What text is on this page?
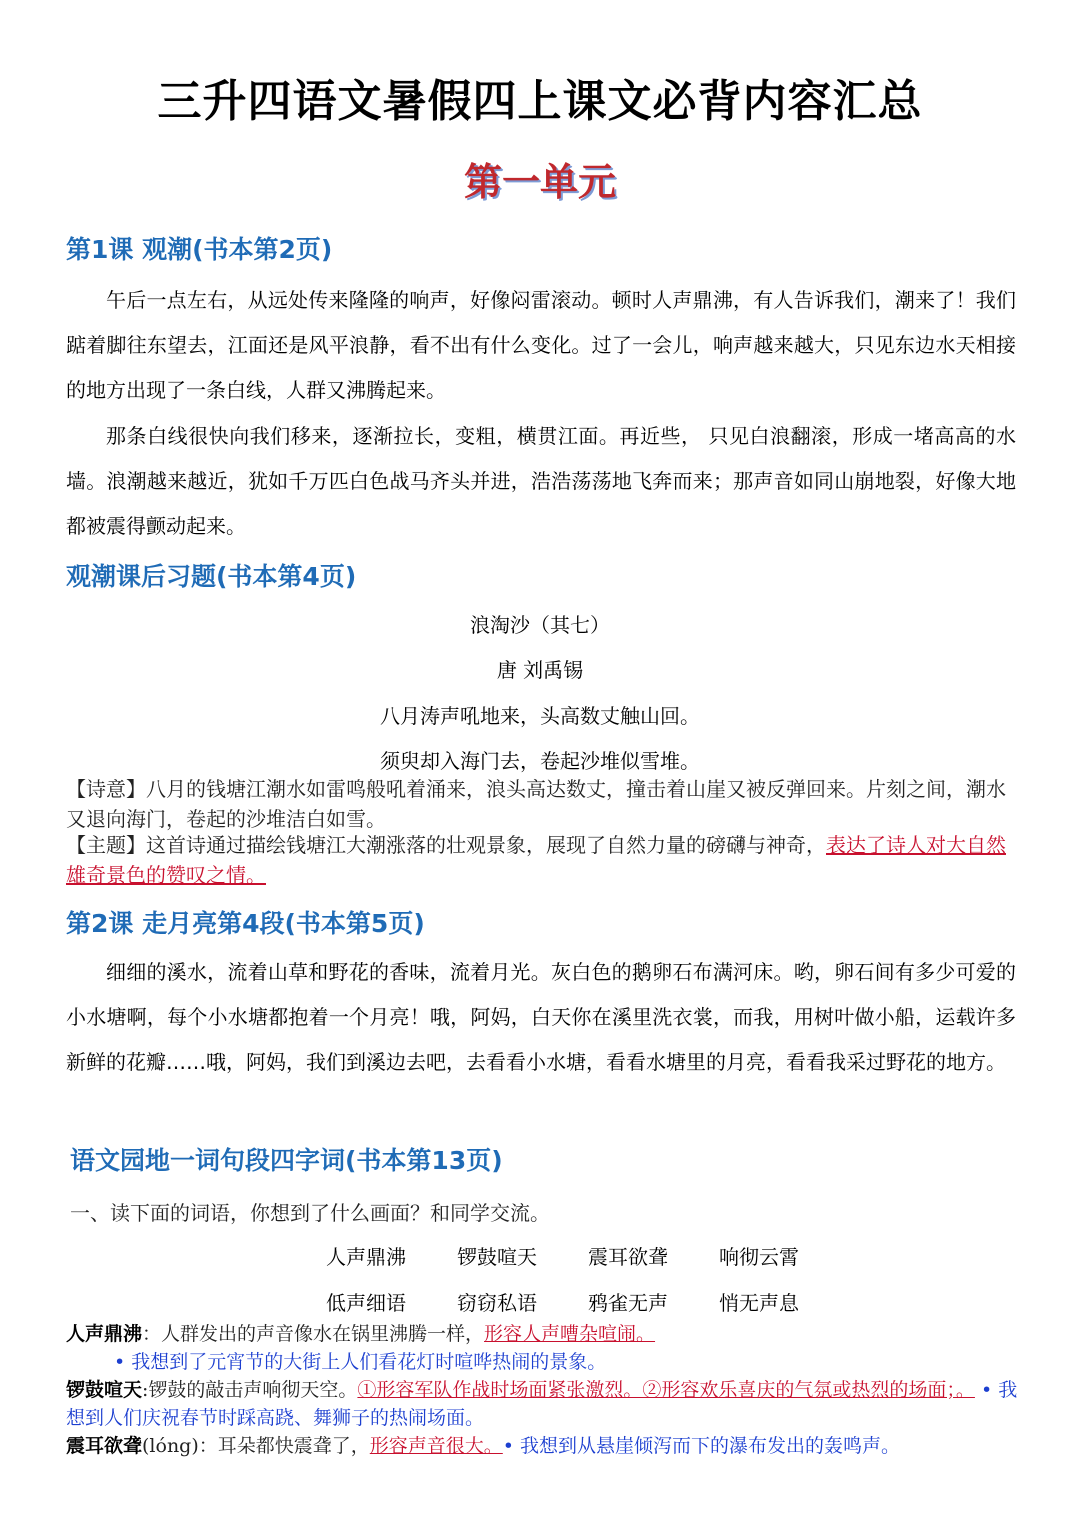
三升四语文暑假四上课文必背内容汇总
第一单元
第1课 观潮(书本第2页)
午后一点左右，从远处传来隆隆的响声，好像闷雷滚动。顿时人声鼎沸，有人告诉我们，潮来了！我们踮着脚往东望去，江面还是风平浪静，看不出有什么变化。过了一会儿，响声越来越大，只见东边水天相接的地方出现了一条白线，人群又沸腾起来。
那条白线很快向我们移来，逐渐拉长，变粗，横贯江面。再近些， 只见白浪翻滚，形成一堵高高的水墙。浪潮越来越近，犹如千万匹白色战马齐头并进，浩浩荡荡地飞奔而来；那声音如同山崩地裂，好像大地都被震得颤动起来。
观潮课后习题(书本第4页)
浪淘沙（其七）
唐 刘禹锡
八月涛声吼地来，头高数丈触山回。
须臾却入海门去，卷起沙堆似雪堆。
【诗意】八月的钱塘江潮水如雷鸣般吼着涌来，浪头高达数丈，撞击着山崖又被反弹回来。片刻之间，潮水又退向海门，卷起的沙堆洁白如雪。
【主题】这首诗通过描绘钱塘江大潮涨落的壮观景象，展现了自然力量的磅礴与神奇，表达了诗人对大自然雄奇景色的赞叹之情。
第2课 走月亮第4段(书本第5页)
细细的溪水，流着山草和野花的香味，流着月光。灰白色的鹅卵石布满河床。哟，卵石间有多少可爱的小水塘啊，每个小水塘都抱着一个月亮！哦，阿妈，白天你在溪里洗衣裳，而我，用树叶做小船，运载许多新鲜的花瓣……哦，阿妈，我们到溪边去吧，去看看小水塘，看看水塘里的月亮，看看我采过野花的地方。
语文园地一词句段四字词(书本第13页)
一、读下面的词语，你想到了什么画面？和同学交流。
人声鼎沸	锣鼓喧天	震耳欲聋	响彻云霄
低声细语	窃窃私语	鸦雀无声	悄无声息
人声鼎沸：人群发出的声音像水在锅里沸腾一样，形容人声嘈杂喧闹。
• 我想到了元宵节的大街上人们看花灯时喧哗热闹的景象。
锣鼓喧天:锣鼓的敲击声响彻天空。①形容军队作战时场面紧张激烈。②形容欢乐喜庆的气氛或热烈的场面；。 • 我想到人们庆祝春节时踩高跷、舞狮子的热闹场面。
震耳欲聋(lóng)：耳朵都快震聋了，形容声音很大。• 我想到从悬崖倾泻而下的瀑布发出的轰鸣声。
